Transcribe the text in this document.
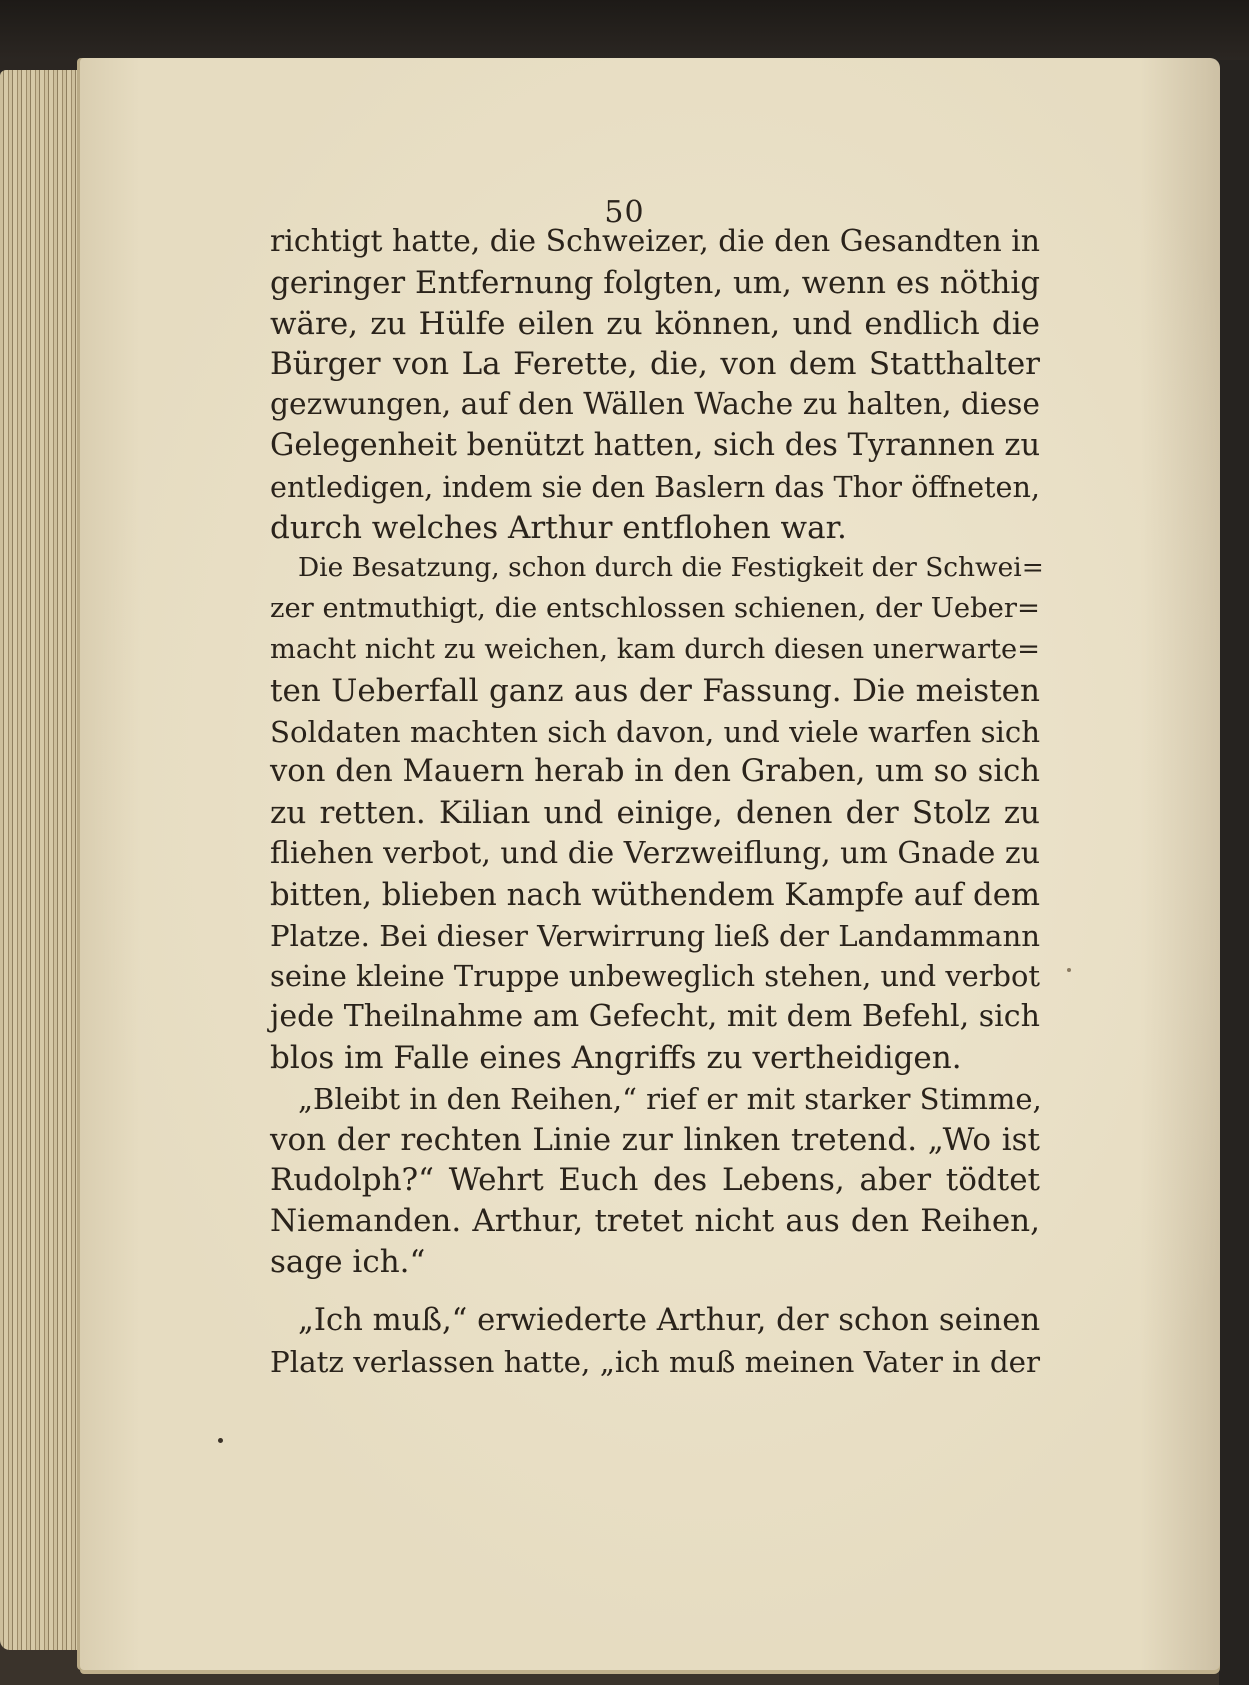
50
richtigt hatte, die Schweizer, die den Gesandten in
geringer Entfernung folgten, um, wenn es nöthig
wäre, zu Hülfe eilen zu können, und endlich die
Bürger von La Ferette, die, von dem Statthalter
gezwungen, auf den Wällen Wache zu halten, diese
Gelegenheit benützt hatten, sich des Tyrannen zu
entledigen, indem sie den Baslern das Thor öffneten,
durch welches Arthur entflohen war.
Die Besatzung, schon durch die Festigkeit der Schwei=
zer entmuthigt, die entschlossen schienen, der Ueber=
macht nicht zu weichen, kam durch diesen unerwarte=
ten Ueberfall ganz aus der Fassung. Die meisten
Soldaten machten sich davon, und viele warfen sich
von den Mauern herab in den Graben, um so sich
zu retten. Kilian und einige, denen der Stolz zu
fliehen verbot, und die Verzweiflung, um Gnade zu
bitten, blieben nach wüthendem Kampfe auf dem
Platze. Bei dieser Verwirrung ließ der Landammann
seine kleine Truppe unbeweglich stehen, und verbot
jede Theilnahme am Gefecht, mit dem Befehl, sich
blos im Falle eines Angriffs zu vertheidigen.
„Bleibt in den Reihen,“ rief er mit starker Stimme,
von der rechten Linie zur linken tretend. „Wo ist
Rudolph?“ Wehrt Euch des Lebens, aber tödtet
Niemanden. Arthur, tretet nicht aus den Reihen,
sage ich.“
„Ich muß,“ erwiederte Arthur, der schon seinen
Platz verlassen hatte, „ich muß meinen Vater in der
